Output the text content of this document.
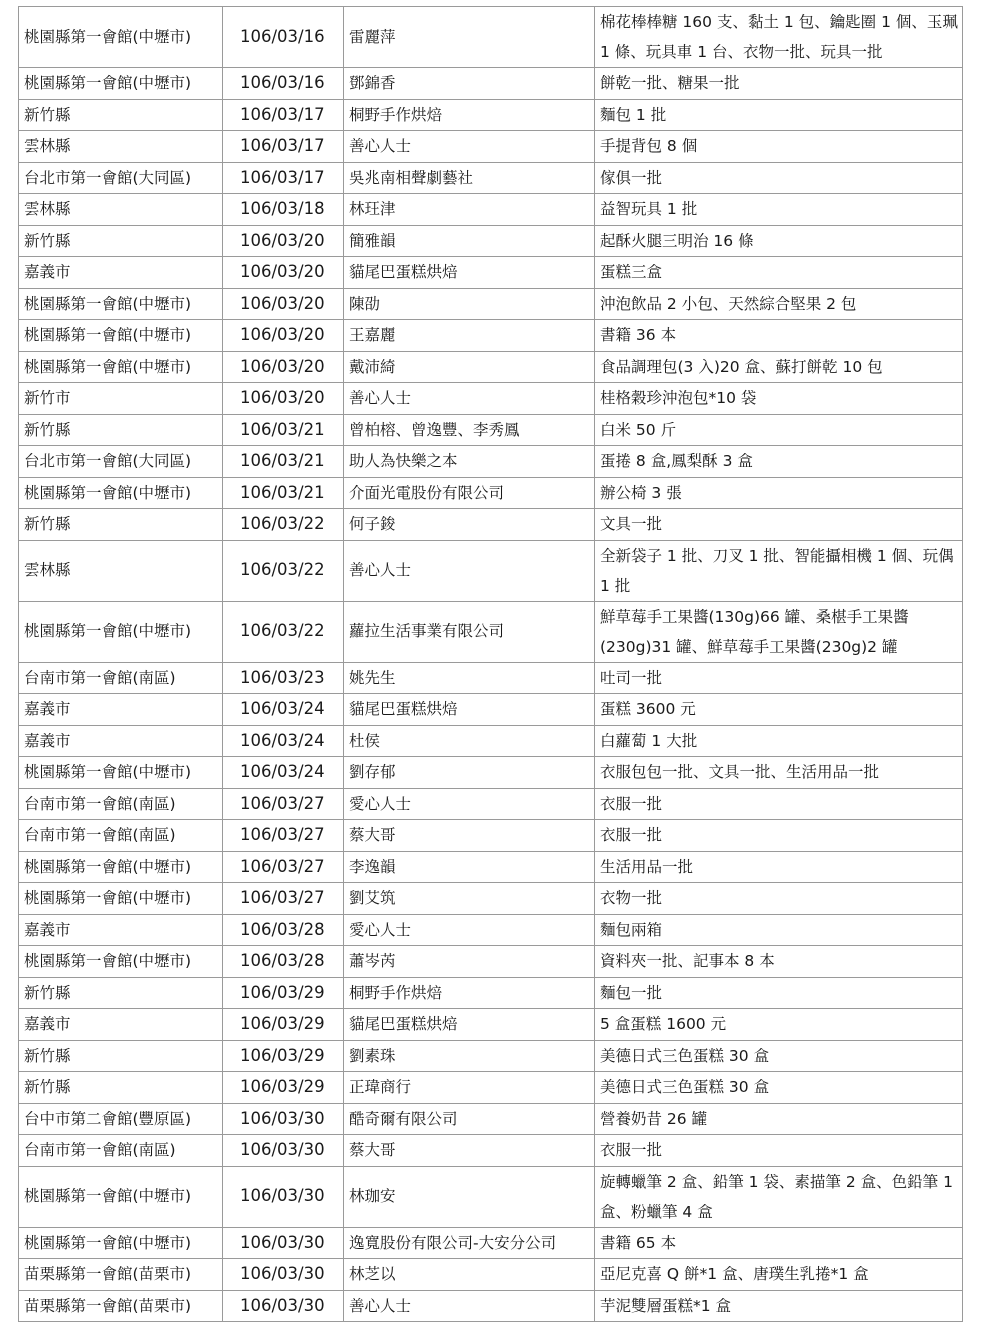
桃園縣第一會館(中壢市)	106/03/16	雷麗萍	棉花棒棒糖 160 支、黏土 1 包、鑰匙圈 1 個、玉珮 1 條、玩具車 1 台、衣物一批、玩具一批
桃園縣第一會館(中壢市)	106/03/16	鄧錦香	餅乾一批、糖果一批
新竹縣	106/03/17	桐野手作烘焙	麵包 1 批
雲林縣	106/03/17	善心人士	手提背包 8 個
台北市第一會館(大同區)	106/03/17	吳兆南相聲劇藝社	傢俱一批
雲林縣	106/03/18	林玨津	益智玩具 1 批
新竹縣	106/03/20	簡雅韻	起酥火腿三明治 16 條
嘉義市	106/03/20	貓尾巴蛋糕烘焙	蛋糕三盒
桃園縣第一會館(中壢市)	106/03/20	陳劭	沖泡飲品 2 小包、天然綜合堅果 2 包
桃園縣第一會館(中壢市)	106/03/20	王嘉麗	書籍 36 本
桃園縣第一會館(中壢市)	106/03/20	戴沛綺	食品調理包(3 入)20 盒、蘇打餅乾 10 包
新竹市	106/03/20	善心人士	桂格穀珍沖泡包*10 袋
新竹縣	106/03/21	曾柏榕、曾逸豐、李秀鳳	白米 50 斤
台北市第一會館(大同區)	106/03/21	助人為快樂之本	蛋捲 8 盒,鳳梨酥 3 盒
桃園縣第一會館(中壢市)	106/03/21	介面光電股份有限公司	辦公椅 3 張
新竹縣	106/03/22	何子鋑	文具一批
雲林縣	106/03/22	善心人士	全新袋子 1 批、刀叉 1 批、智能攝相機 1 個、玩偶 1 批
桃園縣第一會館(中壢市)	106/03/22	蘿拉生活事業有限公司	鮮草莓手工果醬(130g)66 罐、桑椹手工果醬(230g)31 罐、鮮草莓手工果醬(230g)2 罐
台南市第一會館(南區)	106/03/23	姚先生	吐司一批
嘉義市	106/03/24	貓尾巴蛋糕烘焙	蛋糕 3600 元
嘉義市	106/03/24	杜侯	白蘿蔔 1 大批
桃園縣第一會館(中壢市)	106/03/24	劉存郁	衣服包包一批、文具一批、生活用品一批
台南市第一會館(南區)	106/03/27	愛心人士	衣服一批
台南市第一會館(南區)	106/03/27	蔡大哥	衣服一批
桃園縣第一會館(中壢市)	106/03/27	李逸韻	生活用品一批
桃園縣第一會館(中壢市)	106/03/27	劉艾筑	衣物一批
嘉義市	106/03/28	愛心人士	麵包兩箱
桃園縣第一會館(中壢市)	106/03/28	蕭岑芮	資料夾一批、記事本 8 本
新竹縣	106/03/29	桐野手作烘焙	麵包一批
嘉義市	106/03/29	貓尾巴蛋糕烘焙	5 盒蛋糕 1600 元
新竹縣	106/03/29	劉素珠	美德日式三色蛋糕 30 盒
新竹縣	106/03/29	正瑋商行	美德日式三色蛋糕 30 盒
台中市第二會館(豐原區)	106/03/30	酷奇爾有限公司	營養奶昔 26 罐
台南市第一會館(南區)	106/03/30	蔡大哥	衣服一批
桃園縣第一會館(中壢市)	106/03/30	林珈安	旋轉蠟筆 2 盒、鉛筆 1 袋、素描筆 2 盒、色鉛筆 1 盒、粉蠟筆 4 盒
桃園縣第一會館(中壢市)	106/03/30	逸寬股份有限公司-大安分公司	書籍 65 本
苗栗縣第一會館(苗栗市)	106/03/30	林芝以	亞尼克喜 Q 餅*1 盒、唐璞生乳捲*1 盒
苗栗縣第一會館(苗栗市)	106/03/30	善心人士	芋泥雙層蛋糕*1 盒
